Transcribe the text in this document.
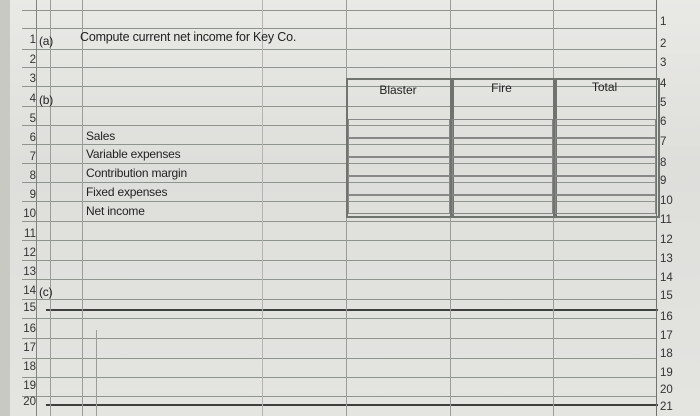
1
2
3
4
5
6
7
8
9
10
11
12
13
14
15
16
17
18
19
20
1
2
3
4
5
6
7
8
9
10
11
12
13
14
15
16
17
18
19
20
21
(a)
(b)
(c)
Compute current net income for Key Co.
Blaster	Fire	Total
Sales
Variable expenses
Contribution margin
Fixed expenses
Net income
